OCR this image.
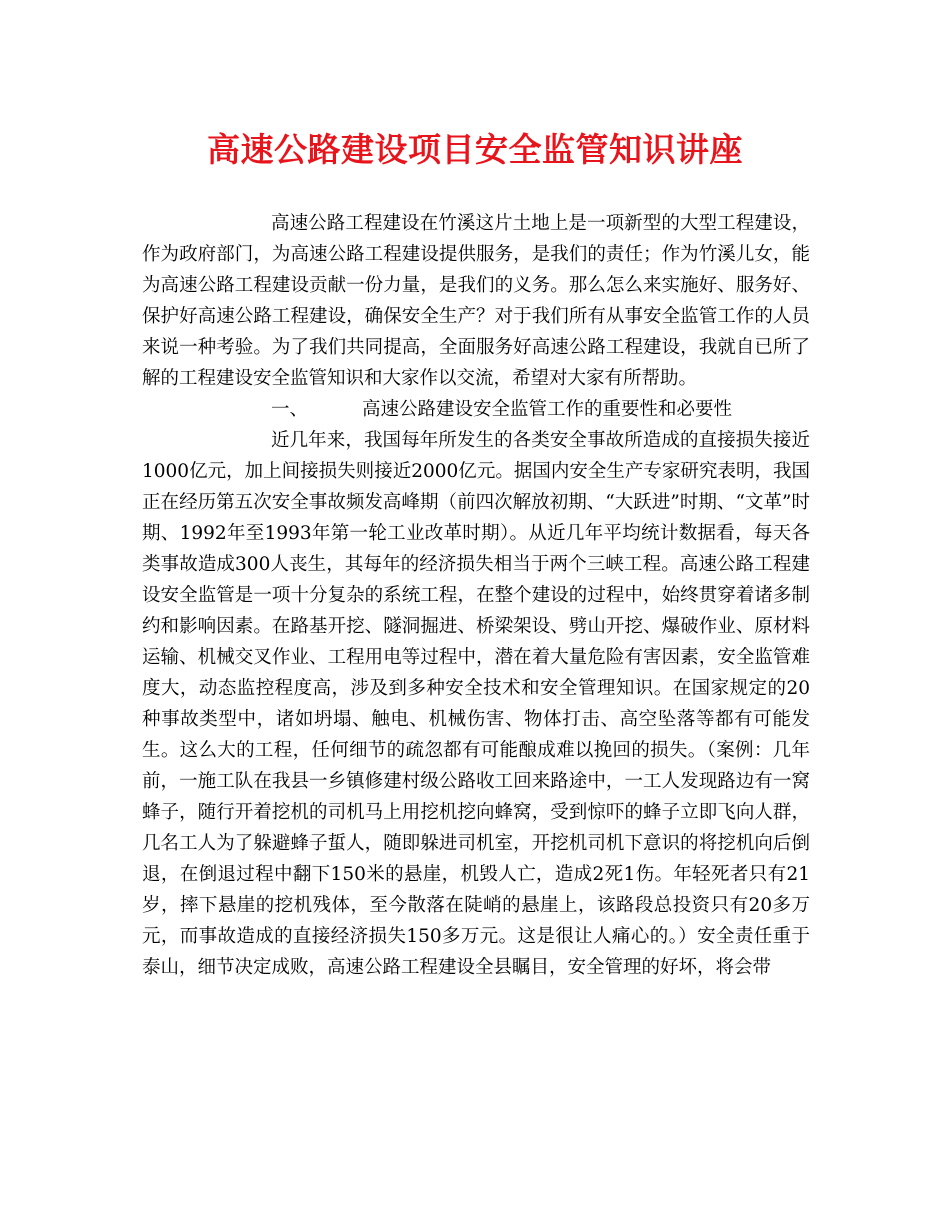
高速公路建设项目安全监管知识讲座

高速公路工程建设在竹溪这片土地上是一项新型的大型工程建设，作为政府部门，为高速公路工程建设提供服务，是我们的责任；作为竹溪儿女，能为高速公路工程建设贡献一份力量，是我们的义务。那么怎么来实施好、服务好、保护好高速公路工程建设，确保安全生产？对于我们所有从事安全监管工作的人员来说一种考验。为了我们共同提高，全面服务好高速公路工程建设，我就自已所了解的工程建设安全监管知识和大家作以交流，希望对大家有所帮助。

一、	高速公路建设安全监管工作的重要性和必要性

近几年来，我国每年所发生的各类安全事故所造成的直接损失接近1000亿元，加上间接损失则接近2000亿元。据国内安全生产专家研究表明，我国正在经历第五次安全事故频发高峰期（前四次解放初期、“大跃进”时期、“文革”时期、1992年至1993年第一轮工业改革时期）。从近几年平均统计数据看，每天各类事故造成300人丧生，其每年的经济损失相当于两个三峡工程。高速公路工程建设安全监管是一项十分复杂的系统工程，在整个建设的过程中，始终贯穿着诸多制约和影响因素。在路基开挖、隧洞掘进、桥梁架设、劈山开挖、爆破作业、原材料运输、机械交叉作业、工程用电等过程中，潜在着大量危险有害因素，安全监管难度大，动态监控程度高，涉及到多种安全技术和安全管理知识。在国家规定的20种事故类型中，诸如坍塌、触电、机械伤害、物体打击、高空坠落等都有可能发生。这么大的工程，任何细节的疏忽都有可能酿成难以挽回的损失。（案例：几年前，一施工队在我县一乡镇修建村级公路收工回来路途中，一工人发现路边有一窝蜂子，随行开着挖机的司机马上用挖机挖向蜂窝，受到惊吓的蜂子立即飞向人群，几名工人为了躲避蜂子蜇人，随即躲进司机室，开挖机司机下意识的将挖机向后倒退，在倒退过程中翻下150米的悬崖，机毁人亡，造成2死1伤。年轻死者只有21岁，摔下悬崖的挖机残体，至今散落在陡峭的悬崖上，该路段总投资只有20多万元，而事故造成的直接经济损失150多万元。这是很让人痛心的。）安全责任重于泰山，细节决定成败，高速公路工程建设全县瞩目，安全管理的好坏，将会带
